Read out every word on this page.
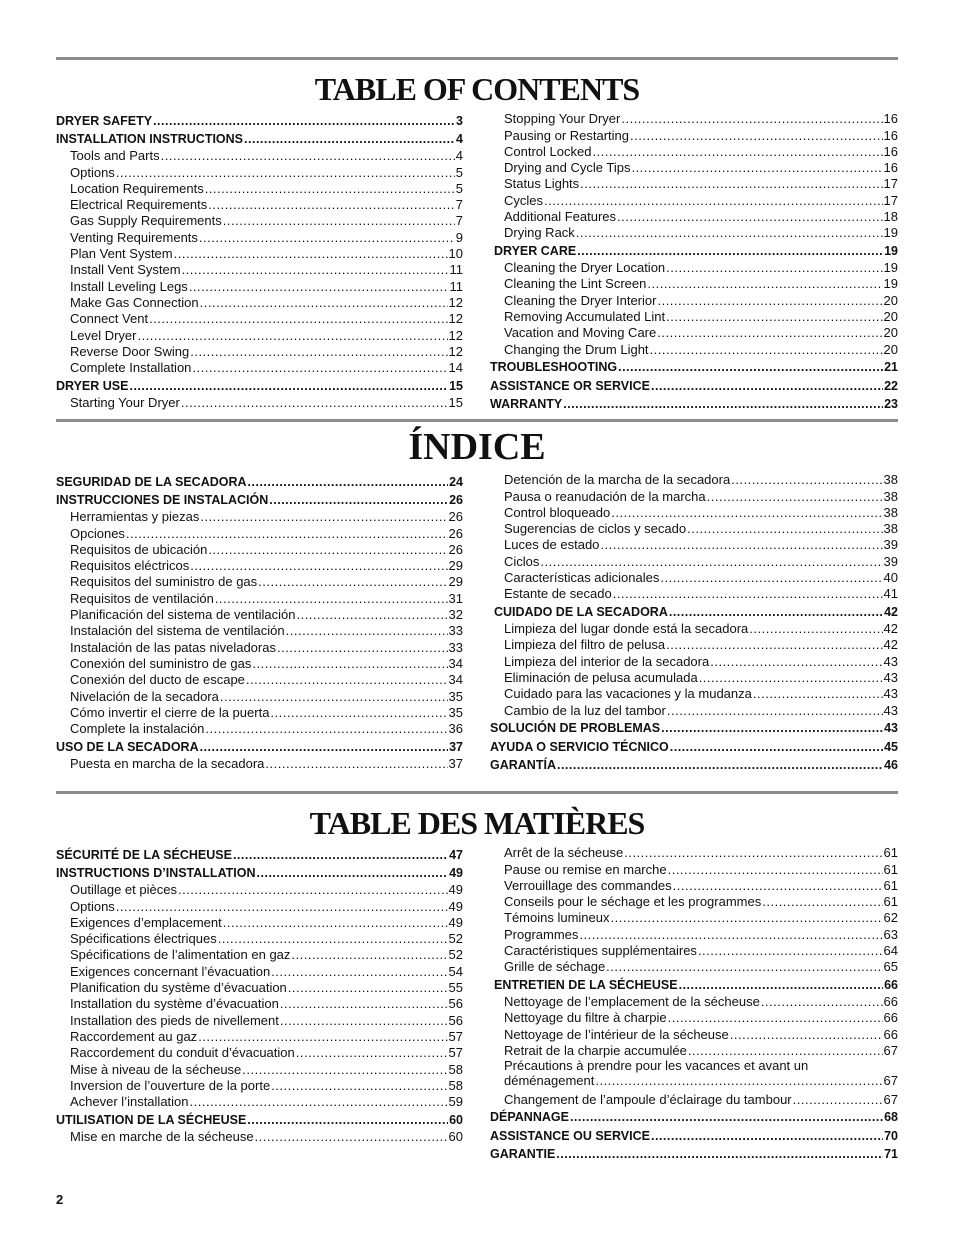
TABLE OF CONTENTS
DRYER SAFETY .....	3
INSTALLATION INSTRUCTIONS .....	4
Tools and Parts .....	4
Options .....	5
Location Requirements .....	5
Electrical Requirements .....	7
Gas Supply Requirements .....	7
Venting Requirements .....	9
Plan Vent System .....	10
Install Vent System .....	11
Install Leveling Legs .....	11
Make Gas Connection .....	12
Connect Vent .....	12
Level Dryer .....	12
Reverse Door Swing .....	12
Complete Installation .....	14
DRYER USE .....	15
Starting Your Dryer .....	15
Stopping Your Dryer .....	16
Pausing or Restarting .....	16
Control Locked .....	16
Drying and Cycle Tips .....	16
Status Lights .....	17
Cycles .....	17
Additional Features .....	18
Drying Rack .....	19
DRYER CARE .....	19
Cleaning the Dryer Location .....	19
Cleaning the Lint Screen .....	19
Cleaning the Dryer Interior .....	20
Removing Accumulated Lint .....	20
Vacation and Moving Care .....	20
Changing the Drum Light .....	20
TROUBLESHOOTING .....	21
ASSISTANCE OR SERVICE .....	22
WARRANTY .....	23
ÍNDICE
SEGURIDAD DE LA SECADORA .....	24
INSTRUCCIONES DE INSTALACIÓN .....	26
Herramientas y piezas .....	26
Opciones .....	26
Requisitos de ubicación .....	26
Requisitos eléctricos .....	29
Requisitos del suministro de gas .....	29
Requisitos de ventilación .....	31
Planificación del sistema de ventilación .....	32
Instalación del sistema de ventilación .....	33
Instalación de las patas niveladoras .....	33
Conexión del suministro de gas .....	34
Conexión del ducto de escape .....	34
Nivelación de la secadora .....	35
Cómo invertir el cierre de la puerta .....	35
Complete la instalación .....	36
USO DE LA SECADORA .....	37
Puesta en marcha de la secadora .....	37
Detención de la marcha de la secadora .....	38
Pausa o reanudación de la marcha .....	38
Control bloqueado .....	38
Sugerencias de ciclos y secado .....	38
Luces de estado .....	39
Ciclos .....	39
Características adicionales .....	40
Estante de secado .....	41
CUIDADO DE LA SECADORA .....	42
Limpieza del lugar donde está la secadora .....	42
Limpieza del filtro de pelusa .....	42
Limpieza del interior de la secadora .....	43
Eliminación de pelusa acumulada .....	43
Cuidado para las vacaciones y la mudanza .....	43
Cambio de la luz del tambor .....	43
SOLUCIÓN DE PROBLEMAS .....	43
AYUDA O SERVICIO TÉCNICO .....	45
GARANTÍA .....	46
TABLE DES MATIÈRES
SÉCURITÉ DE LA SÉCHEUSE .....	47
INSTRUCTIONS D’INSTALLATION .....	49
Outillage et pièces .....	49
Options .....	49
Exigences d’emplacement .....	49
Spécifications électriques .....	52
Spécifications de l’alimentation en gaz .....	52
Exigences concernant l’évacuation .....	54
Planification du système d’évacuation .....	55
Installation du système d’évacuation .....	56
Installation des pieds de nivellement .....	56
Raccordement au gaz .....	57
Raccordement du conduit d’évacuation .....	57
Mise à niveau de la sécheuse .....	58
Inversion de l’ouverture de la porte .....	58
Achever l’installation .....	59
UTILISATION DE LA SÉCHEUSE .....	60
Mise en marche de la sécheuse .....	60
Arrêt de la sécheuse .....	61
Pause ou remise en marche .....	61
Verrouillage des commandes .....	61
Conseils pour le séchage et les programmes .....	61
Témoins lumineux .....	62
Programmes .....	63
Caractéristiques supplémentaires .....	64
Grille de séchage .....	65
ENTRETIEN DE LA SÉCHEUSE .....	66
Nettoyage de l’emplacement de la sécheuse .....	66
Nettoyage du filtre à charpie .....	66
Nettoyage de l’intérieur de la sécheuse .....	66
Retrait de la charpie accumulée .....	67
Précautions à prendre pour les vacances et avant un
déménagement .....	67
Changement de l’ampoule d’éclairage du tambour .....	67
DÉPANNAGE .....	68
ASSISTANCE OU SERVICE .....	70
GARANTIE .....	71
2
